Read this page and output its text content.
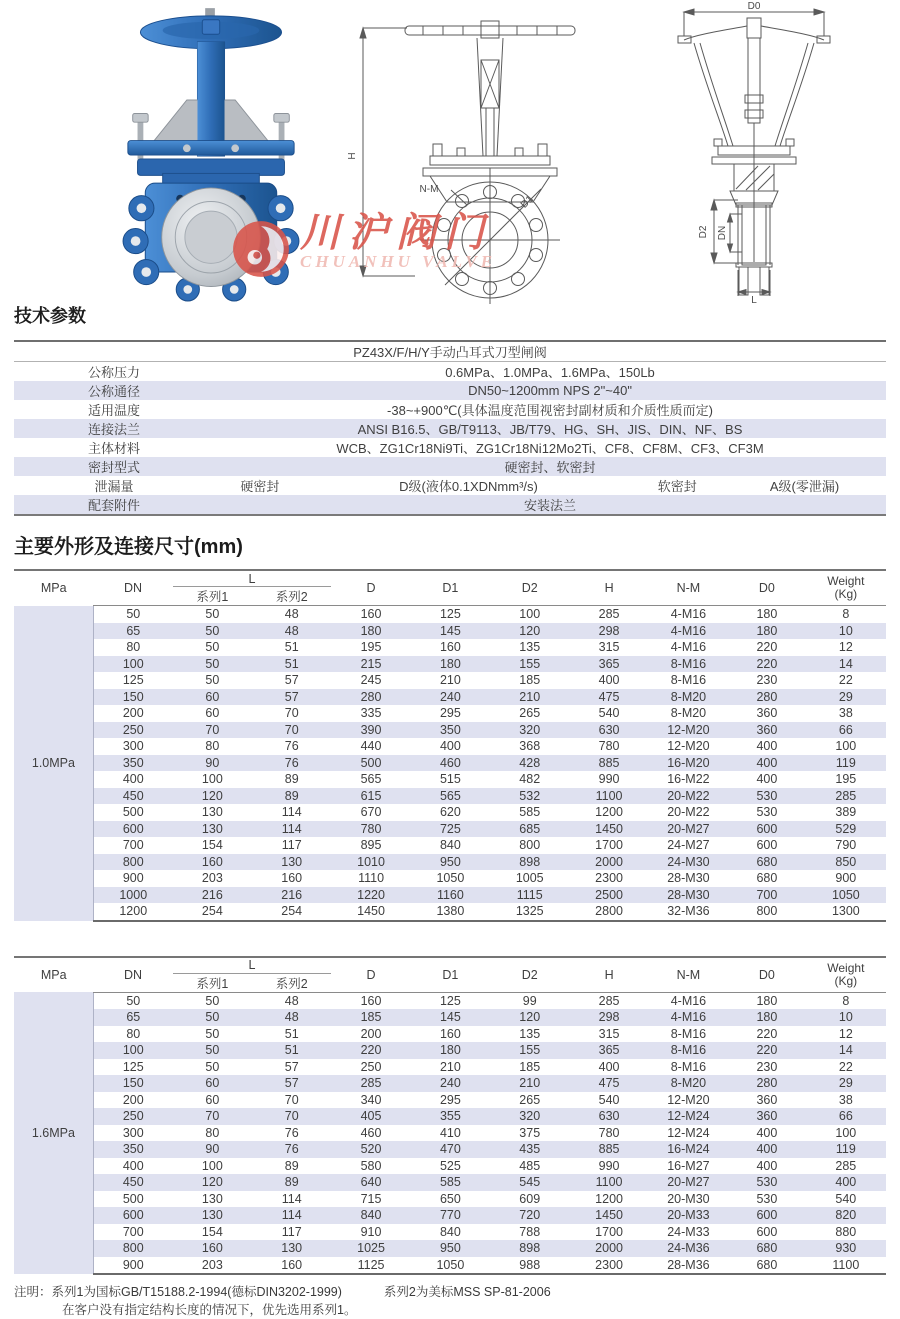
H
N-M
D1
D0
D2 DN
L
川沪阀门
CHUANHU VALVE
技术参数
PZ43X/F/H/Y手动凸耳式刀型闸阀				
公称压力	0.6MPa、1.0MPa、1.6MPa、150Lb			
公称通径	DN50~1200mm NPS 2"~40"			
适用温度	-38~+900℃(具体温度范围视密封副材质和介质性质而定)			
连接法兰	ANSI B16.5、GB/T9113、JB/T79、HG、SH、JIS、DIN、NF、BS			
主体材料	WCB、ZG1Cr18Ni9Ti、ZG1Cr18Ni12Mo2Ti、CF8、CF8M、CF3、CF3M			
密封型式	硬密封、软密封			
泄漏量	硬密封	D级(液体0.1XDNmm³/s)	软密封	A级(零泄漏)
配套附件	安装法兰			
主要外形及连接尺寸(mm)
MPa	DN	L		D	D1	D2	H	N-M	D0	Weight
(Kg)

		系列1	系列2							
1.0MPa	50	50	48	160	125	100	285	4-M16	180	8
	65	50	48	180	145	120	298	4-M16	180	10
	80	50	51	195	160	135	315	4-M16	220	12
	100	50	51	215	180	155	365	8-M16	220	14
	125	50	57	245	210	185	400	8-M16	230	22
	150	60	57	280	240	210	475	8-M20	280	29
	200	60	70	335	295	265	540	8-M20	360	38
	250	70	70	390	350	320	630	12-M20	360	66
	300	80	76	440	400	368	780	12-M20	400	100
	350	90	76	500	460	428	885	16-M20	400	119
	400	100	89	565	515	482	990	16-M22	400	195
	450	120	89	615	565	532	1100	20-M22	530	285
	500	130	114	670	620	585	1200	20-M22	530	389
	600	130	114	780	725	685	1450	20-M27	600	529
	700	154	117	895	840	800	1700	24-M27	600	790
	800	160	130	1010	950	898	2000	24-M30	680	850
	900	203	160	1110	1050	1005	2300	28-M30	680	900
	1000	216	216	1220	1160	1115	2500	28-M30	700	1050
	1200	254	254	1450	1380	1325	2800	32-M36	800	1300
MPa	DN	L		D	D1	D2	H	N-M	D0	Weight
(Kg)

		系列1	系列2							
1.6MPa	50	50	48	160	125	99	285	4-M16	180	8
	65	50	48	185	145	120	298	4-M16	180	10
	80	50	51	200	160	135	315	8-M16	220	12
	100	50	51	220	180	155	365	8-M16	220	14
	125	50	57	250	210	185	400	8-M16	230	22
	150	60	57	285	240	210	475	8-M20	280	29
	200	60	70	340	295	265	540	12-M20	360	38
	250	70	70	405	355	320	630	12-M24	360	66
	300	80	76	460	410	375	780	12-M24	400	100
	350	90	76	520	470	435	885	16-M24	400	119
	400	100	89	580	525	485	990	16-M27	400	285
	450	120	89	640	585	545	1100	20-M27	530	400
	500	130	114	715	650	609	1200	20-M30	530	540
	600	130	114	840	770	720	1450	20-M33	600	820
	700	154	117	910	840	788	1700	24-M33	600	880
	800	160	130	1025	950	898	2000	24-M36	680	930
	900	203	160	1125	1050	988	2300	28-M36	680	1100
注明：系列1为国标GB/T15188.2-1994(德标DIN3202-1999)	系列2为美标MSS SP-81-2006
在客户没有指定结构长度的情况下，优先选用系列1。
